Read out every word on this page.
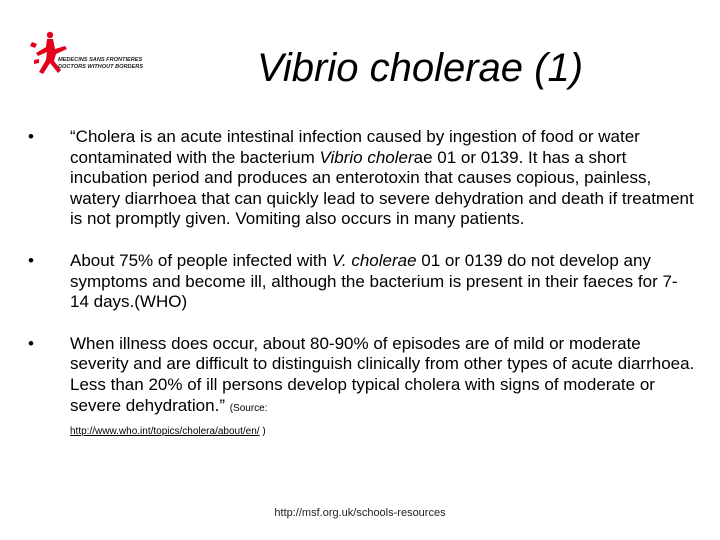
MEDECINS SANS FRONTIERES
DOCTORS WITHOUT BORDERS	Vibrio cholerae (1)
• “Cholera is an acute intestinal infection caused by ingestion of food or water contaminated with the bacterium Vibrio cholerae 01 or 0139. It has a short incubation period and produces an enterotoxin that causes copious, painless, watery diarrhoea that can quickly lead to severe dehydration and death if treatment is not promptly given. Vomiting also occurs in many patients.
• About 75% of people infected with V. cholerae 01 or 0139 do not develop any symptoms and become ill, although the bacterium is present in their faeces for 7-14 days.(WHO)
• When illness does occur, about 80-90% of episodes are of mild or moderate severity and are difficult to distinguish clinically from other types of acute diarrhoea. Less than 20% of ill persons develop typical cholera with signs of moderate or severe dehydration.” (Source:
http://www.who.int/topics/cholera/about/en/ )
http://msf.org.uk/schools-resources
